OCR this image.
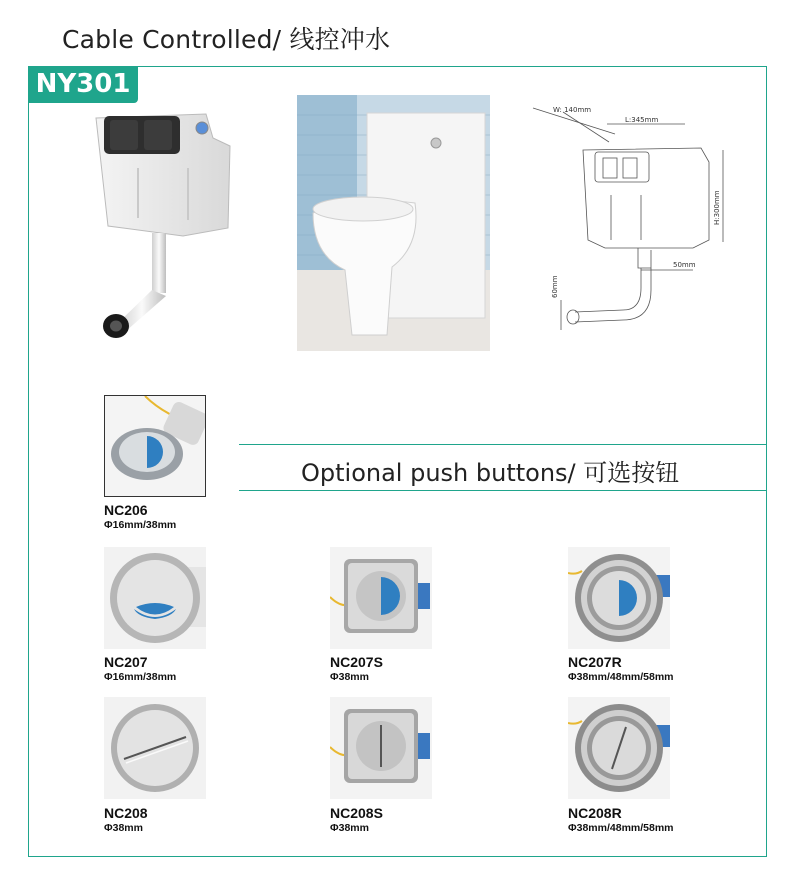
Cable Controlled/ 线控冲水
NY301
W: 140mm
L:345mm
H:300mm
50mm
60mm
Optional push buttons/ 可选按钮
NC206
Φ16mm/38mm
NC207
Φ16mm/38mm
NC207S
Φ38mm
NC207R
Φ38mm/48mm/58mm
NC208
Φ38mm
NC208S
Φ38mm
NC208R
Φ38mm/48mm/58mm
